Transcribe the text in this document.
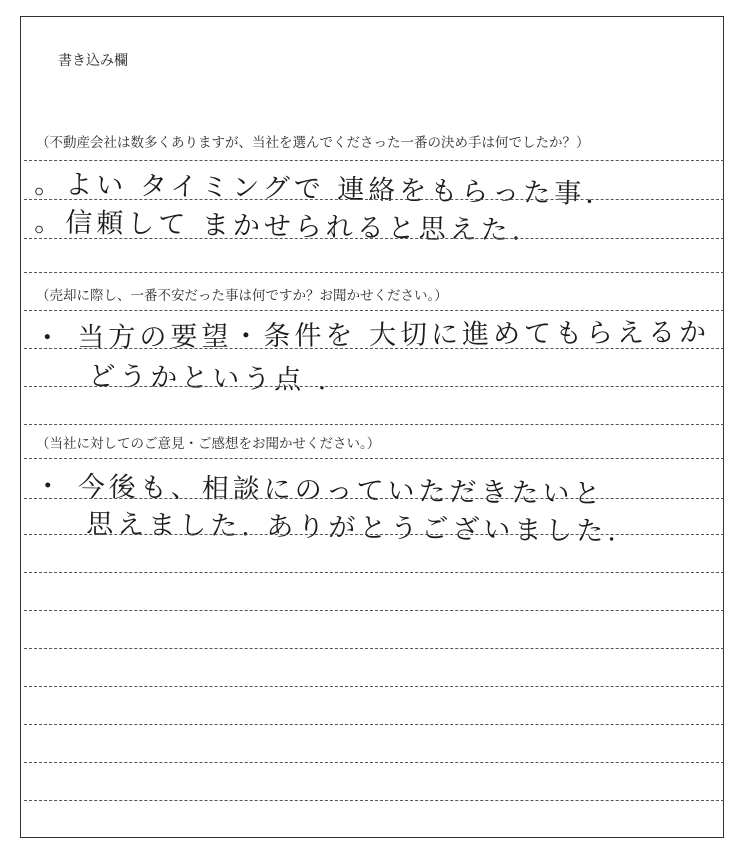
書き込み欄
（不動産会社は数多くありますが、当社を選んでくださった一番の決め手は何でしたか？）
。よい タイミングで 連絡をもらった事.
。信頼して まかせられると思えた.
（売却に際し、一番不安だった事は何ですか？お聞かせください。）
・ 当方の要望・条件を 大切に進めてもらえるか
どうかという点 .
（当社に対してのご意見・ご感想をお聞かせください。）
・ 今後も、相談にのっていただきたいと
思えました. ありがとうございました.
